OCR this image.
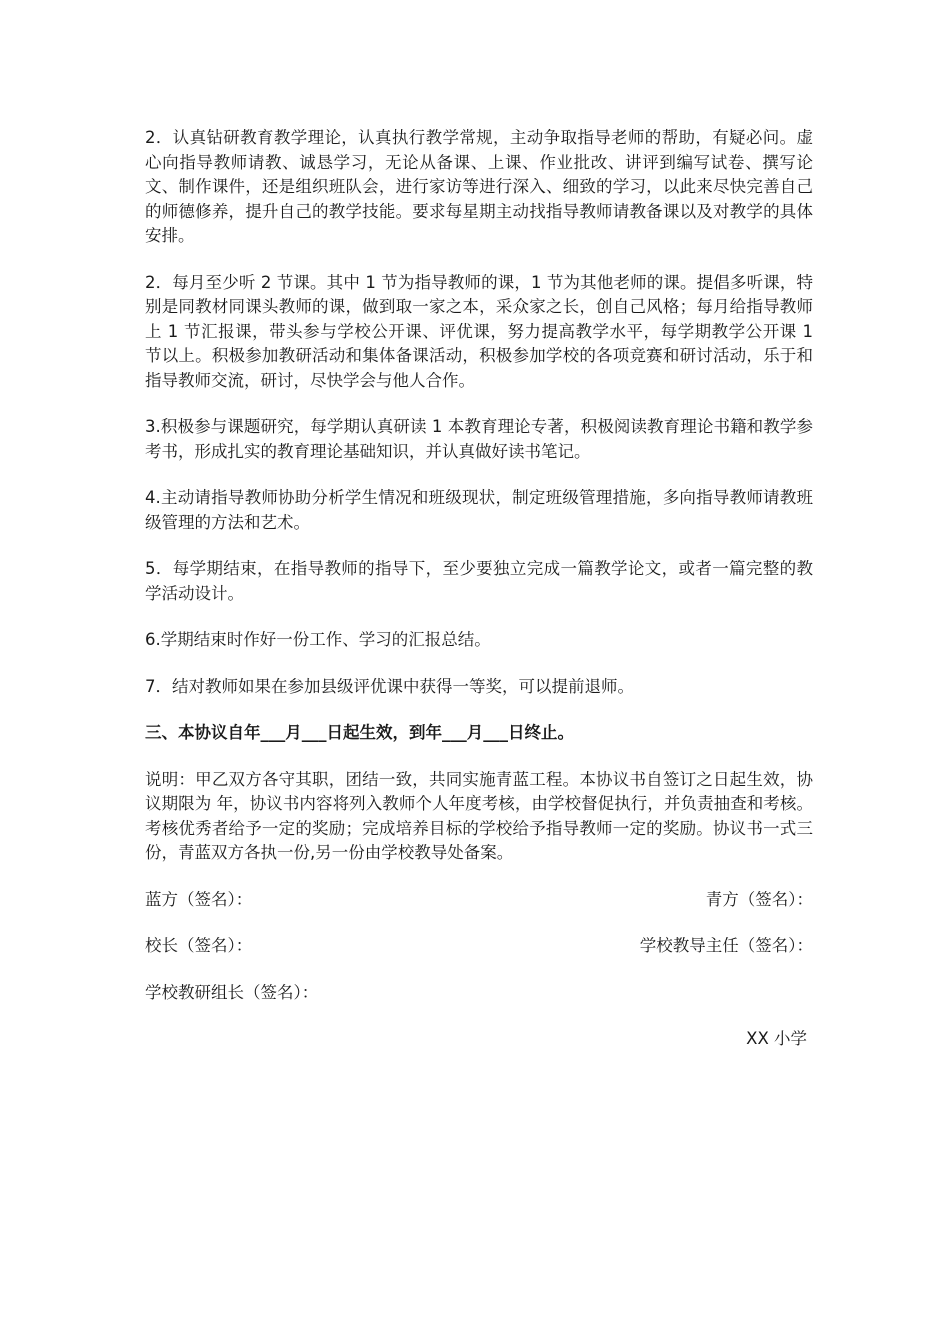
2．认真钻研教育教学理论，认真执行教学常规，主动争取指导老师的帮助，有疑必问。虚心向指导教师请教、诚恳学习，无论从备课、上课、作业批改、讲评到编写试卷、撰写论文、制作课件，还是组织班队会，进行家访等进行深入、细致的学习，以此来尽快完善自己的师德修养，提升自己的教学技能。要求每星期主动找指导教师请教备课以及对教学的具体安排。

2．每月至少听 2 节课。其中 1 节为指导教师的课，1 节为其他老师的课。提倡多听课，特别是同教材同课头教师的课，做到取一家之本，采众家之长，创自己风格；每月给指导教师上 1 节汇报课，带头参与学校公开课、评优课，努力提高教学水平，每学期教学公开课 1 节以上。积极参加教研活动和集体备课活动，积极参加学校的各项竞赛和研讨活动，乐于和指导教师交流，研讨，尽快学会与他人合作。

3.积极参与课题研究，每学期认真研读 1 本教育理论专著，积极阅读教育理论书籍和教学参考书，形成扎实的教育理论基础知识，并认真做好读书笔记。

4.主动请指导教师协助分析学生情况和班级现状，制定班级管理措施，多向指导教师请教班级管理的方法和艺术。

5．每学期结束，在指导教师的指导下，至少要独立完成一篇教学论文，或者一篇完整的教学活动设计。

6.学期结束时作好一份工作、学习的汇报总结。

7．结对教师如果在参加县级评优课中获得一等奖，可以提前退师。

三、本协议自年___月___日起生效，到年___月___日终止。

说明：甲乙双方各守其职，团结一致，共同实施青蓝工程。本协议书自签订之日起生效，协议期限为 年，协议书内容将列入教师个人年度考核，由学校督促执行，并负责抽查和考核。考核优秀者给予一定的奖励；完成培养目标的学校给予指导教师一定的奖励。协议书一式三份，青蓝双方各执一份,另一份由学校教导处备案。

蓝方（签名）：	青方（签名）：
校长（签名）：	学校教导主任（签名）：
学校教研组长（签名）：
XX 小学
